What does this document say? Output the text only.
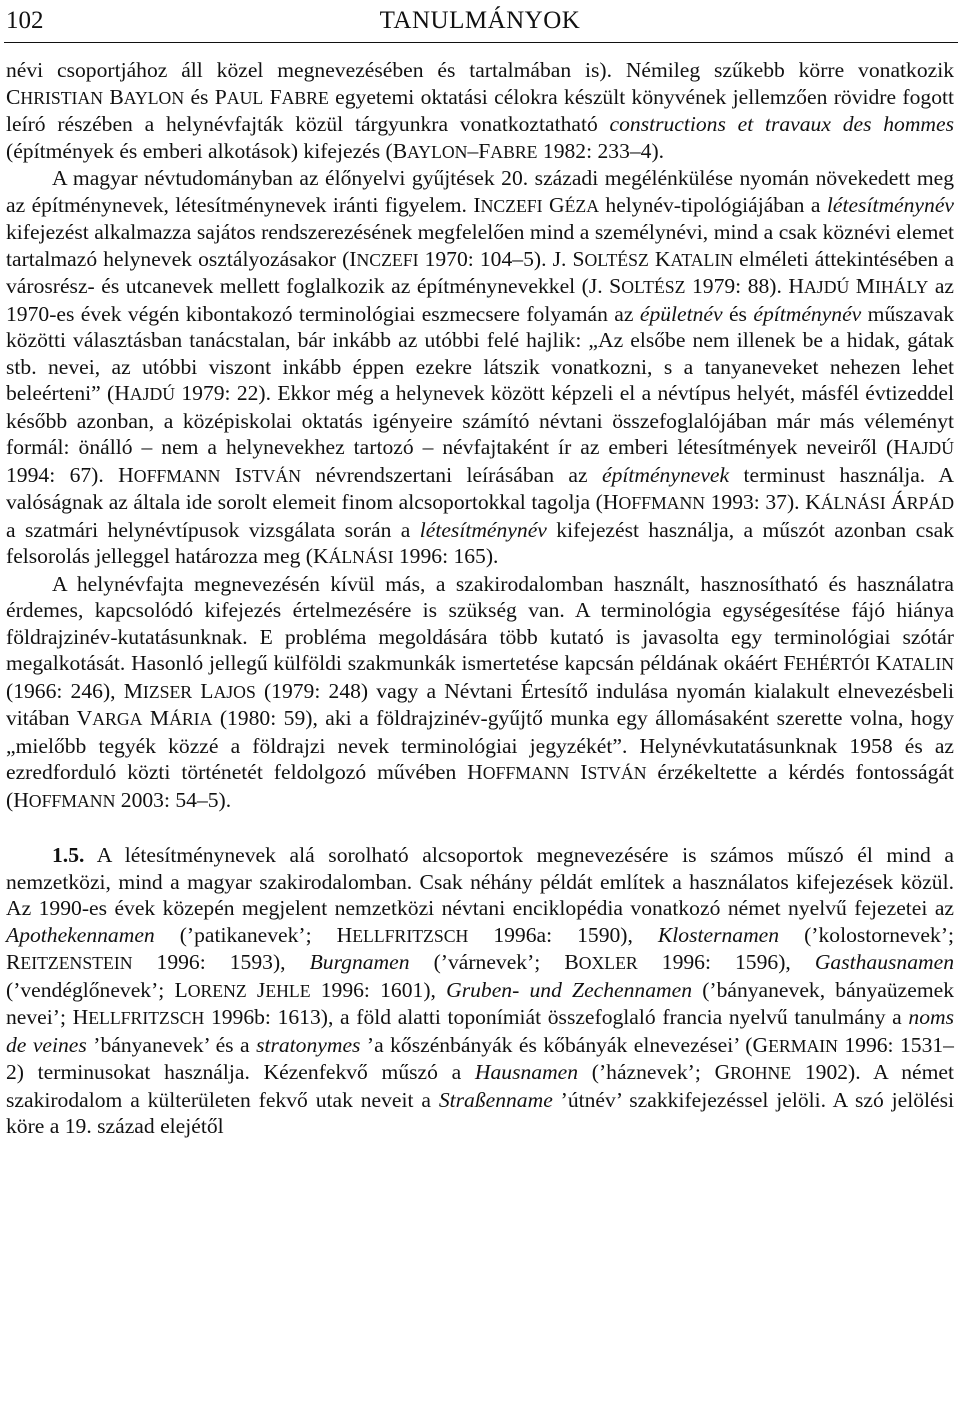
102	TANULMÁNYOK

névi csoportjához áll közel megnevezésében és tartalmában is). Némileg szűkebb körre vonatkozik CHRISTIAN BAYLON és PAUL FABRE egyetemi oktatási célokra készült könyvének jellemzően rövidre fogott leíró részében a helynévfajták közül tárgyunkra vonatkoztatható constructions et travaux des hommes (építmények és emberi alkotások) kifejezés (BAYLON–FABRE 1982: 233–4).

A magyar névtudományban az élőnyelvi gyűjtések 20. századi megélénkülése nyomán növekedett meg az építménynevek, létesítménynevek iránti figyelem. INCZEFI GÉZA helynév-tipológiájában a létesítménynév kifejezést alkalmazza sajátos rendszerezésének megfelelően mind a személynévi, mind a csak köznévi elemet tartalmazó helynevek osztályozásakor (INCZEFI 1970: 104–5). J. SOLTÉSZ KATALIN elméleti áttekintésében a városrész- és utcanevek mellett foglalkozik az építménynevekkel (J. SOLTÉSZ 1979: 88). HAJDÚ MIHÁLY az 1970-es évek végén kibontakozó terminológiai eszmecsere folyamán az épületnév és építménynév műszavak közötti választásban tanácstalan, bár inkább az utóbbi felé hajlik: „Az elsőbe nem illenek be a hidak, gátak stb. nevei, az utóbbi viszont inkább éppen ezekre látszik vonatkozni, s a tanyaneveket nehezen lehet beleérteni” (HAJDÚ 1979: 22). Ekkor még a helynevek között képzeli el a névtípus helyét, másfél évtizeddel később azonban, a középiskolai oktatás igényeire számító névtani összefoglalójában már más véleményt formál: önálló – nem a helynevekhez tartozó – névfajtaként ír az emberi létesítmények neveiről (HAJDÚ 1994: 67). HOFFMANN ISTVÁN névrendszertani leírásában az építménynevek terminust használja. A valóságnak az általa ide sorolt elemeit finom alcsoportokkal tagolja (HOFFMANN 1993: 37). KÁLNÁSI ÁRPÁD a szatmári helynévtípusok vizsgálata során a létesítménynév kifejezést használja, a műszót azonban csak felsorolás jelleggel határozza meg (KÁLNÁSI 1996: 165).

A helynévfajta megnevezésén kívül más, a szakirodalomban használt, hasznosítható és használatra érdemes, kapcsolódó kifejezés értelmezésére is szükség van. A terminológia egységesítése fájó hiánya földrajzinév-kutatásunknak. E probléma megoldására több kutató is javasolta egy terminológiai szótár megalkotását. Hasonló jellegű külföldi szakmunkák ismertetése kapcsán példának okáért FEHÉRTÓI KATALIN (1966: 246), MIZSER LAJOS (1979: 248) vagy a Névtani Értesítő indulása nyomán kialakult elnevezésbeli vitában VARGA MÁRIA (1980: 59), aki a földrajzinév-gyűjtő munka egy állomásaként szerette volna, hogy „mielőbb tegyék közzé a földrajzi nevek terminológiai jegyzékét”. Helynévkutatásunknak 1958 és az ezredforduló közti történetét feldolgozó művében HOFFMANN ISTVÁN érzékeltette a kérdés fontosságát (HOFFMANN 2003: 54–5).

1.5. A létesítménynevek alá sorolható alcsoportok megnevezésére is számos műszó él mind a nemzetközi, mind a magyar szakirodalomban. Csak néhány példát említek a használatos kifejezések közül. Az 1990-es évek közepén megjelent nemzetközi névtani enciklopédia vonatkozó német nyelvű fejezetei az Apothekennamen (’patikanevek’; HELLFRITZSCH 1996a: 1590), Klosternamen (’kolostornevek’; REITZENSTEIN 1996: 1593), Burgnamen (’várnevek’; BOXLER 1996: 1596), Gasthausnamen (’vendéglőnevek’; LORENZ JEHLE 1996: 1601), Gruben- und Zechennamen (’bányanevek, bányaüzemek nevei’; HELLFRITZSCH 1996b: 1613), a föld alatti toponímiát összefoglaló francia nyelvű tanulmány a noms de veines ’bányanevek’ és a stratonymes ’a kőszénbányák és kőbányák elnevezései’ (GERMAIN 1996: 1531–2) terminusokat használja. Kézenfekvő műszó a Hausnamen (’háznevek’; GROHNE 1902). A német szakirodalom a külterületen fekvő utak neveit a Straßenname ’útnév’ szakkifejezéssel jelöli. A szó jelölési köre a 19. század elejétől
